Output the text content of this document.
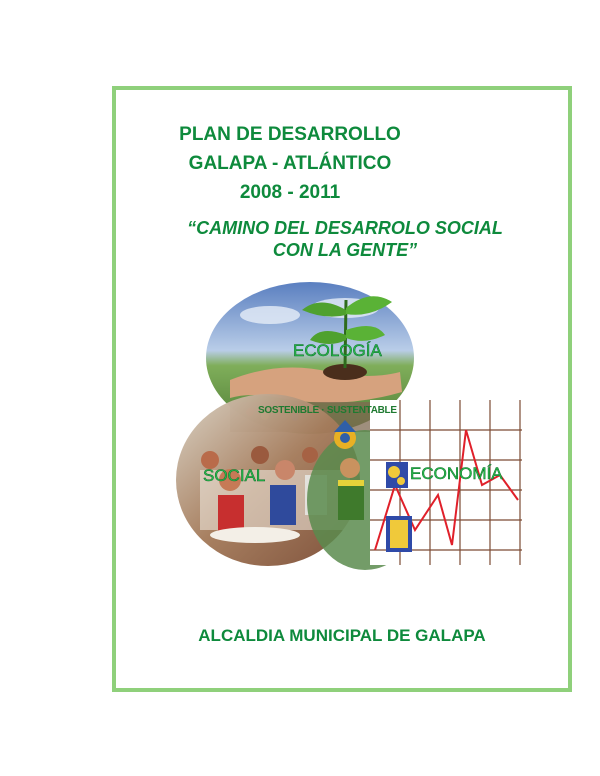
PLAN DE DESARROLLO
GALAPA - ATLÁNTICO
2008 - 2011
“CAMINO DEL DESARROLO SOCIAL
CON LA GENTE”
ECOLOGÍA
SOSTENIBLE · SUSTENTABLE
SOCIAL	ECONOMÍA
ALCALDIA MUNICIPAL DE GALAPA
